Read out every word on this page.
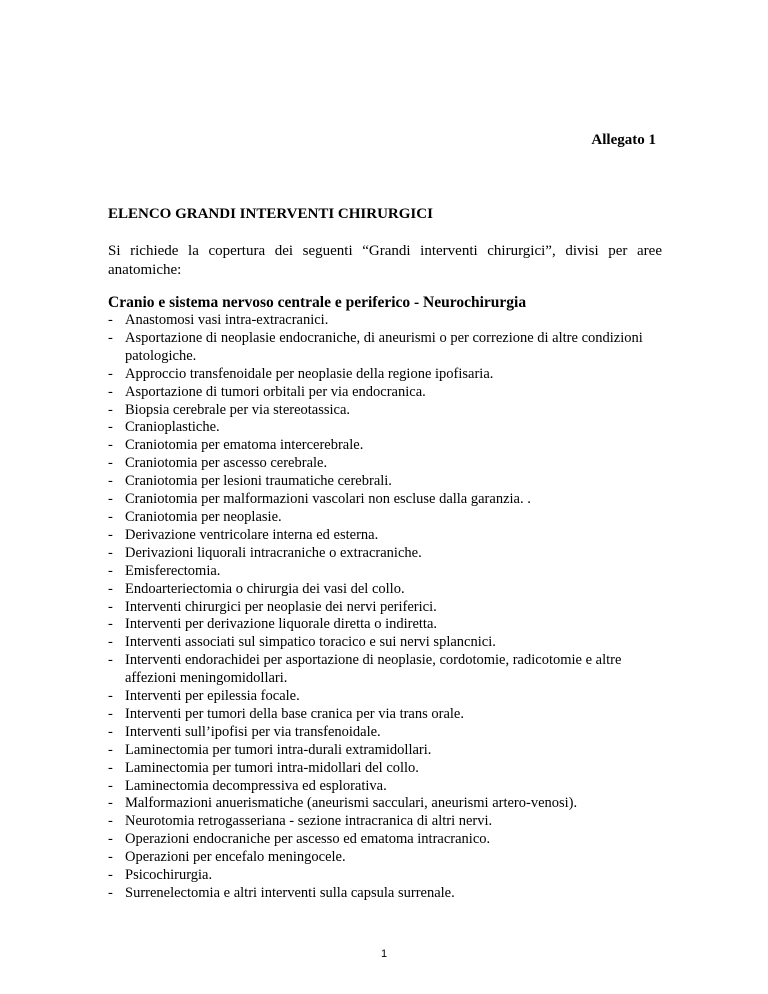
Allegato 1
ELENCO GRANDI INTERVENTI CHIRURGICI

Si richiede la copertura dei seguenti “Grandi interventi chirurgici”, divisi per aree anatomiche:

Cranio e sistema nervoso centrale e periferico - Neurochirurgia
- Anastomosi vasi intra-extracranici.
- Asportazione di neoplasie endocraniche, di aneurismi o per correzione di altre condizioni patologiche.
- Approccio transfenoidale per neoplasie della regione ipofisaria.
- Asportazione di tumori orbitali per via endocranica.
- Biopsia cerebrale per via stereotassica.
- Cranioplastiche.
- Craniotomia per ematoma intercerebrale.
- Craniotomia per ascesso cerebrale.
- Craniotomia per lesioni traumatiche cerebrali.
- Craniotomia per malformazioni vascolari non escluse dalla garanzia. .
- Craniotomia per neoplasie.
- Derivazione ventricolare interna ed esterna.
- Derivazioni liquorali intracraniche o extracraniche.
- Emisferectomia.
- Endoarteriectomia o chirurgia dei vasi del collo.
- Interventi chirurgici per neoplasie dei nervi periferici.
- Interventi per derivazione liquorale diretta o indiretta.
- Interventi associati sul simpatico toracico e sui nervi splancnici.
- Interventi endorachidei per asportazione di neoplasie, cordotomie, radicotomie e altre affezioni meningomidollari.
- Interventi per epilessia focale.
- Interventi per tumori della base cranica per via trans orale.
- Interventi sull’ipofisi per via transfenoidale.
- Laminectomia per tumori intra-durali extramidollari.
- Laminectomia per tumori intra-midollari del collo.
- Laminectomia decompressiva ed esplorativa.
- Malformazioni anuerismatiche (aneurismi sacculari, aneurismi artero-venosi).
- Neurotomia retrogasseriana - sezione intracranica di altri nervi.
- Operazioni endocraniche per ascesso ed ematoma intracranico.
- Operazioni per encefalo meningocele.
- Psicochirurgia.
- Surrenelectomia e altri interventi sulla capsula surrenale.
1
